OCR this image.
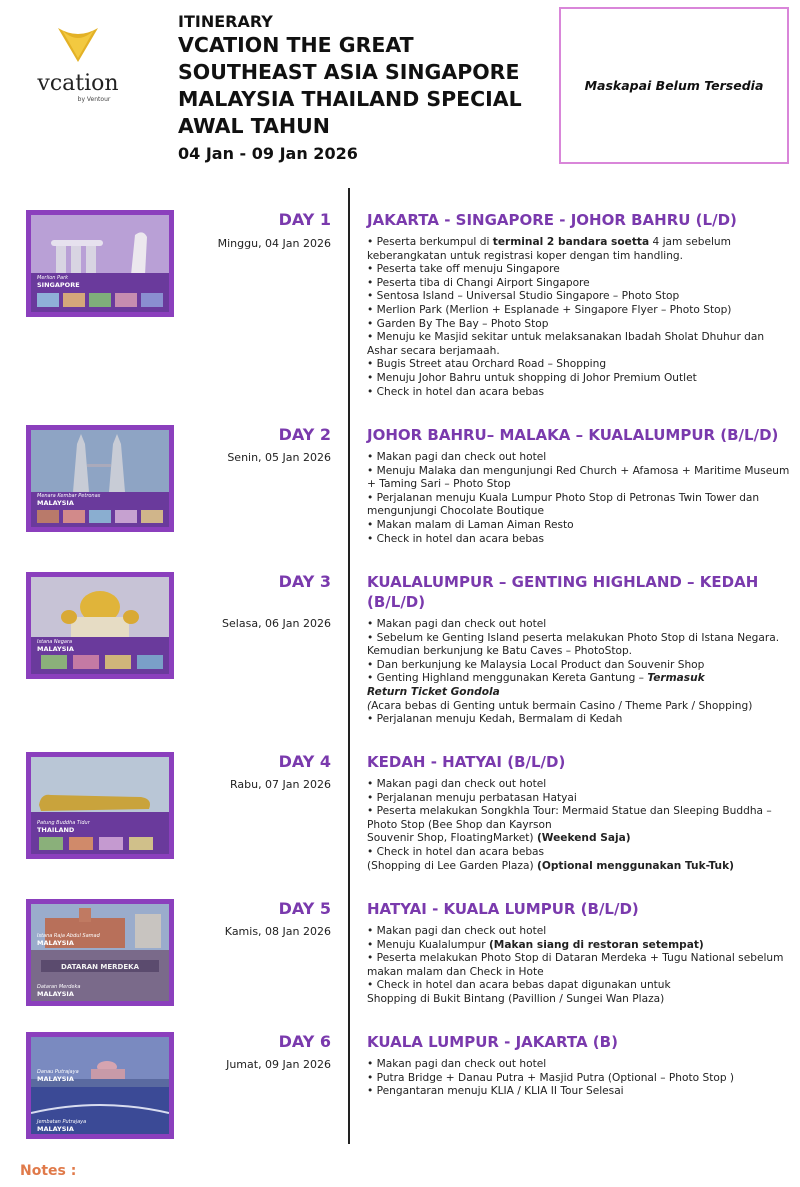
vcation
by Ventour
ITINERARY
VCATION THE GREAT
SOUTHEAST ASIA SINGAPORE
MALAYSIA THAILAND SPECIAL
AWAL TAHUN
04 Jan - 09 Jan 2026
Maskapai Belum Tersedia
Merlion Park
SINGAPORE
DAY 1
Minggu, 04 Jan 2026
JAKARTA - SINGAPORE - JOHOR BAHRU (L/D)
• Peserta berkumpul di terminal 2 bandara soetta 4 jam sebelum keberangkatan untuk registrasi koper dengan tim handling.
• Peserta take off menuju Singapore
• Peserta tiba di Changi Airport Singapore
• Sentosa Island – Universal Studio Singapore – Photo Stop
• Merlion Park (Merlion + Esplanade + Singapore Flyer – Photo Stop)
• Garden By The Bay – Photo Stop
• Menuju ke Masjid sekitar untuk melaksanakan Ibadah Sholat Dhuhur dan Ashar secara berjamaah.
• Bugis Street atau Orchard Road – Shopping
• Menuju Johor Bahru untuk shopping di Johor Premium Outlet
• Check in hotel dan acara bebas
Menara Kembar Petronas
MALAYSIA
DAY 2
Senin, 05 Jan 2026
JOHOR BAHRU– MALAKA – KUALALUMPUR (B/L/D)
• Makan pagi dan check out hotel
• Menuju Malaka dan mengunjungi Red Church + Afamosa + Maritime Museum + Taming Sari – Photo Stop
• Perjalanan menuju Kuala Lumpur Photo Stop di Petronas Twin Tower dan mengunjungi Chocolate Boutique
• Makan malam di Laman Aiman Resto
• Check in hotel dan acara bebas
Istana Negara
MALAYSIA
DAY 3
Selasa, 06 Jan 2026
KUALALUMPUR – GENTING HIGHLAND – KEDAH
(B/L/D)
• Makan pagi dan check out hotel
• Sebelum ke Genting Island peserta melakukan Photo Stop di Istana Negara. Kemudian berkunjung ke Batu Caves – PhotoStop.
• Dan berkunjung ke Malaysia Local Product dan Souvenir Shop
• Genting Highland menggunakan Kereta Gantung – Termasuk
Return Ticket Gondola
(Acara bebas di Genting untuk bermain Casino / Theme Park / Shopping)
• Perjalanan menuju Kedah, Bermalam di Kedah
Patung Buddha Tidur
THAILAND
DAY 4
Rabu, 07 Jan 2026
KEDAH - HATYAI (B/L/D)
• Makan pagi dan check out hotel
• Perjalanan menuju perbatasan Hatyai
• Peserta melakukan Songkhla Tour: Mermaid Statue dan Sleeping Buddha – Photo Stop (Bee Shop dan Kayrson
Souvenir Shop, FloatingMarket) (Weekend Saja)
• Check in hotel dan acara bebas
(Shopping di Lee Garden Plaza) (Optional menggunakan Tuk-Tuk)
DATARAN MERDEKA
Istana Raja Abdul Samad
MALAYSIA
Dataran Merdeka
MALAYSIA
DAY 5
Kamis, 08 Jan 2026
HATYAI - KUALA LUMPUR (B/L/D)
• Makan pagi dan check out hotel
• Menuju Kualalumpur (Makan siang di restoran setempat)
• Peserta melakukan Photo Stop di Dataran Merdeka + Tugu National sebelum makan malam dan Check in Hote
• Check in hotel dan acara bebas dapat digunakan untuk
Shopping di Bukit Bintang (Pavillion / Sungei Wan Plaza)
Danau Putrajaya
MALAYSIA
Jembatan Putrajaya
MALAYSIA
DAY 6
Jumat, 09 Jan 2026
KUALA LUMPUR - JAKARTA (B)
• Makan pagi dan check out hotel
• Putra Bridge + Danau Putra + Masjid Putra (Optional – Photo Stop )
• Pengantaran menuju KLIA / KLIA II Tour Selesai
Notes :
